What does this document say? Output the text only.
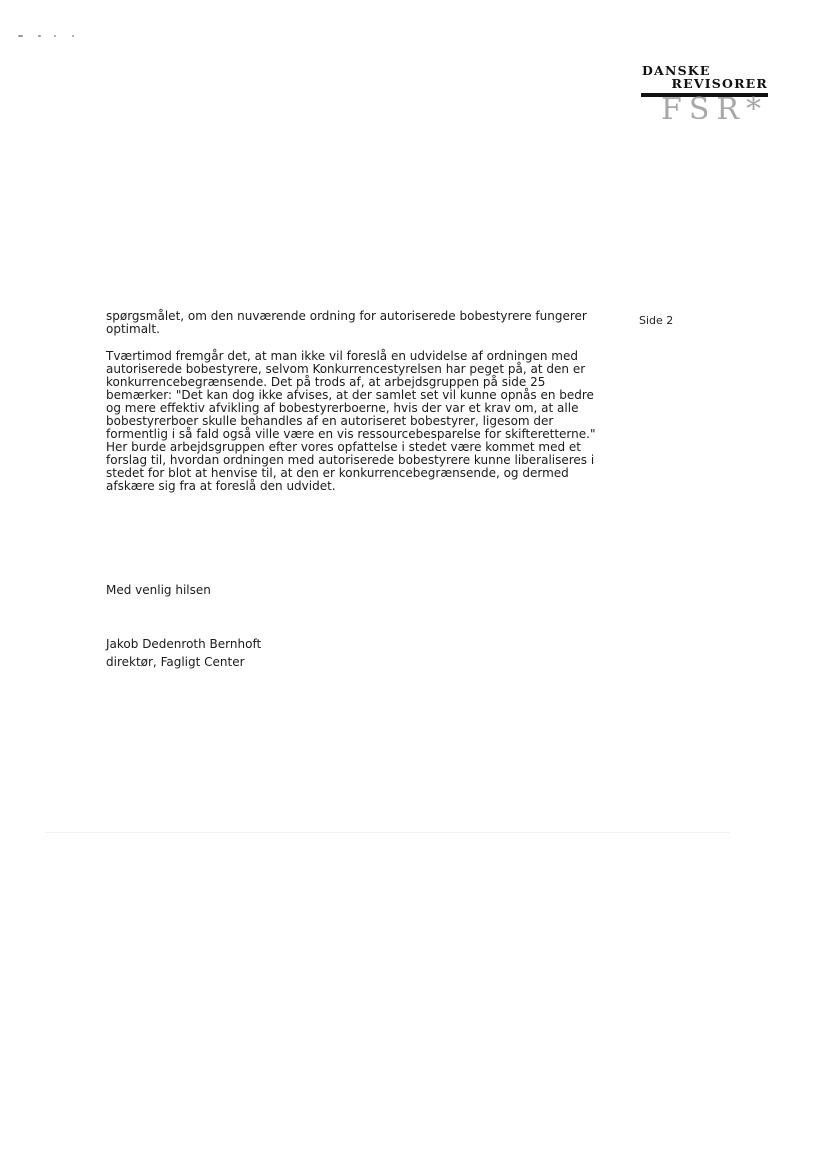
DANSKE
REVISORER
FSR*
Side 2

spørgsmålet, om den nuværende ordning for autoriserede bobestyrere fungerer
optimalt.

Tværtimod fremgår det, at man ikke vil foreslå en udvidelse af ordningen med
autoriserede bobestyrere, selvom Konkurrencestyrelsen har peget på, at den er
konkurrencebegrænsende. Det på trods af, at arbejdsgruppen på side 25
bemærker: "Det kan dog ikke afvises, at der samlet set vil kunne opnås en bedre
og mere effektiv afvikling af bobestyrerboerne, hvis der var et krav om, at alle
bobestyrerboer skulle behandles af en autoriseret bobestyrer, ligesom der
formentlig i så fald også ville være en vis ressourcebesparelse for skifteretterne."
Her burde arbejdsgruppen efter vores opfattelse i stedet være kommet med et
forslag til, hvordan ordningen med autoriserede bobestyrere kunne liberaliseres i
stedet for blot at henvise til, at den er konkurrencebegrænsende, og dermed
afskære sig fra at foreslå den udvidet.

Med venlig hilsen
Jakob Dedenroth Bernhoft
direktør, Fagligt Center
